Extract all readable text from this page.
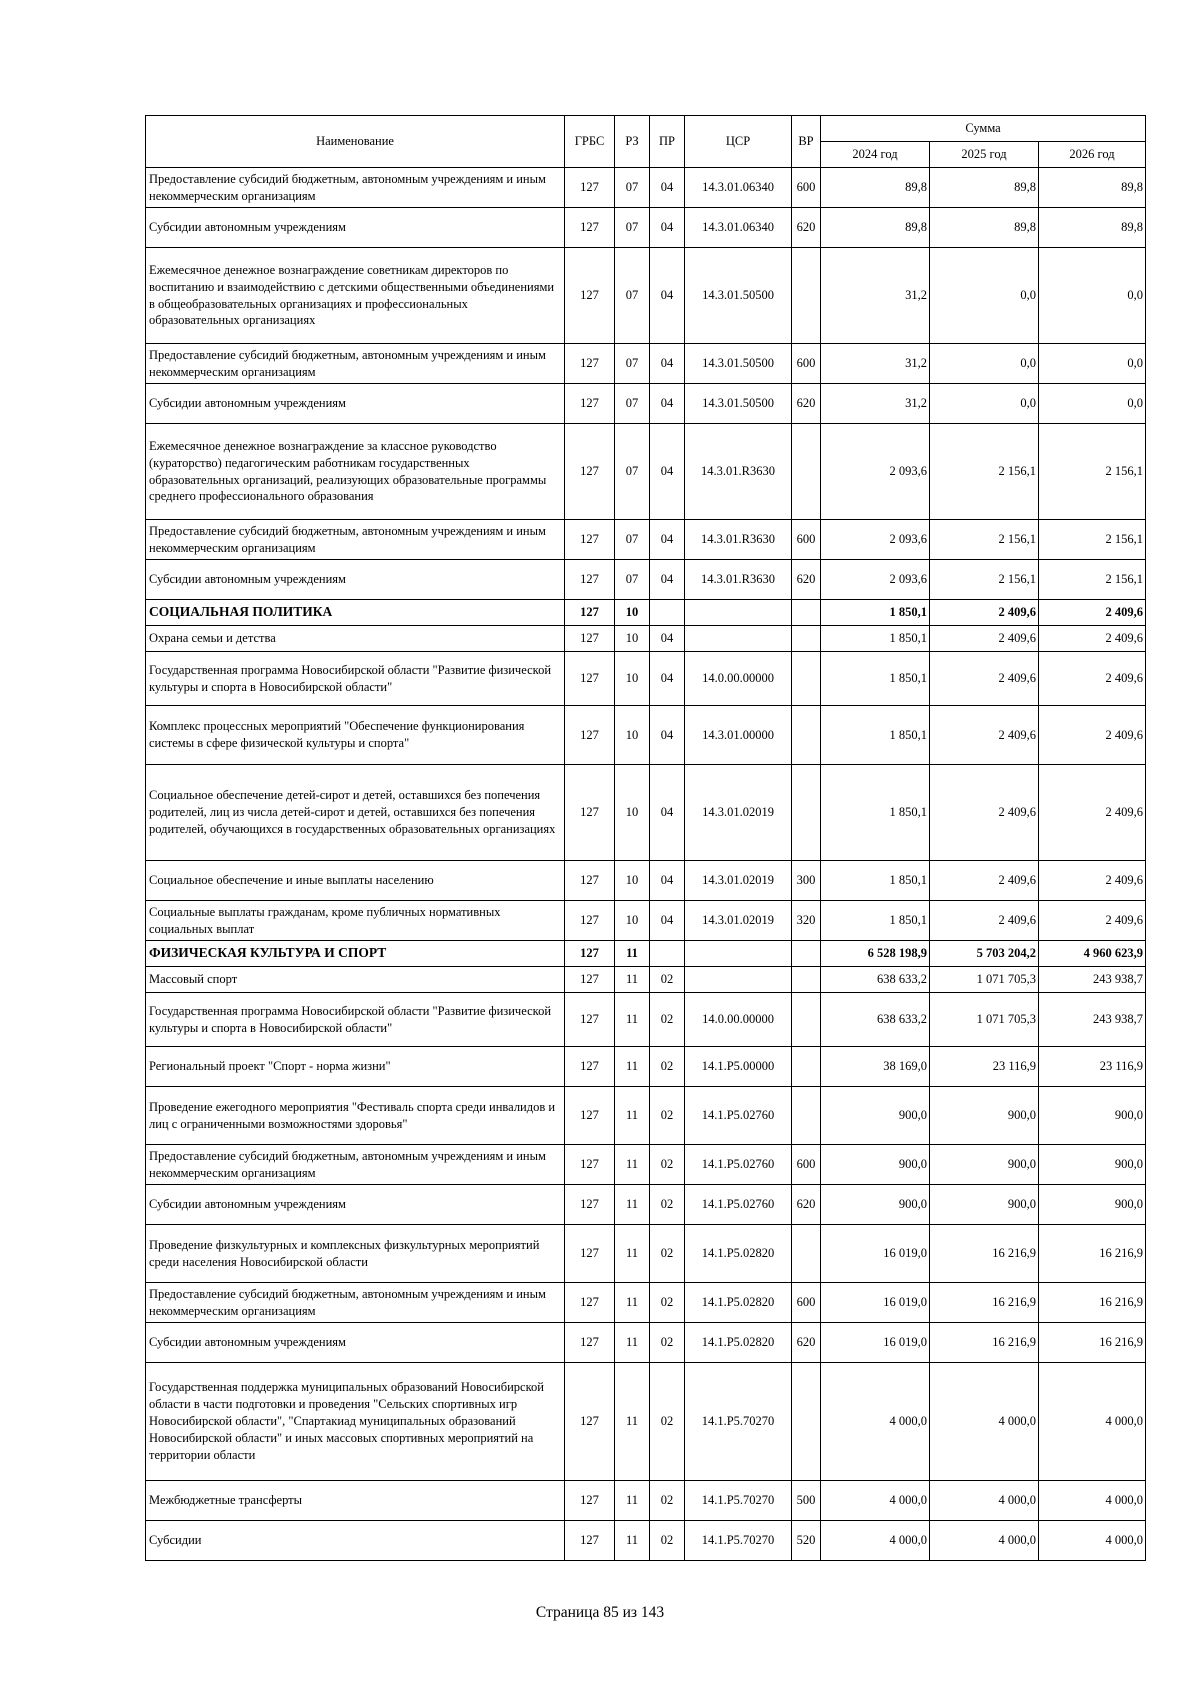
Наименование	ГРБС	РЗ	ПР	ЦСР	ВР	Сумма		
						2024 год	2025 год	2026 год
Предоставление субсидий бюджетным, автономным учреждениям и иным некоммерческим организациям	127	07	04	14.3.01.06340	600	89,8	89,8	89,8
Субсидии автономным учреждениям	127	07	04	14.3.01.06340	620	89,8	89,8	89,8
Ежемесячное денежное вознаграждение советникам директоров по воспитанию и взаимодействию с детскими общественными объединениями в общеобразовательных организациях и профессиональных образовательных организациях	127	07	04	14.3.01.50500		31,2	0,0	0,0
Предоставление субсидий бюджетным, автономным учреждениям и иным некоммерческим организациям	127	07	04	14.3.01.50500	600	31,2	0,0	0,0
Субсидии автономным учреждениям	127	07	04	14.3.01.50500	620	31,2	0,0	0,0
Ежемесячное денежное вознаграждение за классное руководство (кураторство) педагогическим работникам государственных образовательных организаций, реализующих образовательные программы среднего профессионального образования	127	07	04	14.3.01.R3630		2 093,6	2 156,1	2 156,1
Предоставление субсидий бюджетным, автономным учреждениям и иным некоммерческим организациям	127	07	04	14.3.01.R3630	600	2 093,6	2 156,1	2 156,1
Субсидии автономным учреждениям	127	07	04	14.3.01.R3630	620	2 093,6	2 156,1	2 156,1
СОЦИАЛЬНАЯ ПОЛИТИКА	127	10				1 850,1	2 409,6	2 409,6
Охрана семьи и детства	127	10	04			1 850,1	2 409,6	2 409,6
Государственная программа Новосибирской области "Развитие физической культуры и спорта в Новосибирской области"	127	10	04	14.0.00.00000		1 850,1	2 409,6	2 409,6
Комплекс процессных мероприятий "Обеспечение функционирования системы в сфере физической культуры и спорта"	127	10	04	14.3.01.00000		1 850,1	2 409,6	2 409,6
Социальное обеспечение детей-сирот и детей, оставшихся без попечения родителей, лиц из числа детей-сирот и детей, оставшихся без попечения родителей, обучающихся в государственных образовательных организациях	127	10	04	14.3.01.02019		1 850,1	2 409,6	2 409,6
Социальное обеспечение и иные выплаты населению	127	10	04	14.3.01.02019	300	1 850,1	2 409,6	2 409,6
Социальные выплаты гражданам, кроме публичных нормативных социальных выплат	127	10	04	14.3.01.02019	320	1 850,1	2 409,6	2 409,6
ФИЗИЧЕСКАЯ КУЛЬТУРА И СПОРТ	127	11				6 528 198,9	5 703 204,2	4 960 623,9
Массовый спорт	127	11	02			638 633,2	1 071 705,3	243 938,7
Государственная программа Новосибирской области "Развитие физической культуры и спорта в Новосибирской области"	127	11	02	14.0.00.00000		638 633,2	1 071 705,3	243 938,7
Региональный проект "Спорт - норма жизни"	127	11	02	14.1.P5.00000		38 169,0	23 116,9	23 116,9
Проведение ежегодного мероприятия "Фестиваль спорта среди инвалидов и лиц с ограниченными возможностями здоровья"	127	11	02	14.1.P5.02760		900,0	900,0	900,0
Предоставление субсидий бюджетным, автономным учреждениям и иным некоммерческим организациям	127	11	02	14.1.P5.02760	600	900,0	900,0	900,0
Субсидии автономным учреждениям	127	11	02	14.1.P5.02760	620	900,0	900,0	900,0
Проведение физкультурных и комплексных физкультурных мероприятий среди населения Новосибирской области	127	11	02	14.1.P5.02820		16 019,0	16 216,9	16 216,9
Предоставление субсидий бюджетным, автономным учреждениям и иным некоммерческим организациям	127	11	02	14.1.P5.02820	600	16 019,0	16 216,9	16 216,9
Субсидии автономным учреждениям	127	11	02	14.1.P5.02820	620	16 019,0	16 216,9	16 216,9
Государственная поддержка муниципальных образований Новосибирской области в части подготовки и проведения "Сельских спортивных игр Новосибирской области", "Спартакиад муниципальных образований Новосибирской области" и иных массовых спортивных мероприятий на территории области	127	11	02	14.1.P5.70270		4 000,0	4 000,0	4 000,0
Межбюджетные трансферты	127	11	02	14.1.P5.70270	500	4 000,0	4 000,0	4 000,0
Субсидии	127	11	02	14.1.P5.70270	520	4 000,0	4 000,0	4 000,0
Страница 85 из 143
